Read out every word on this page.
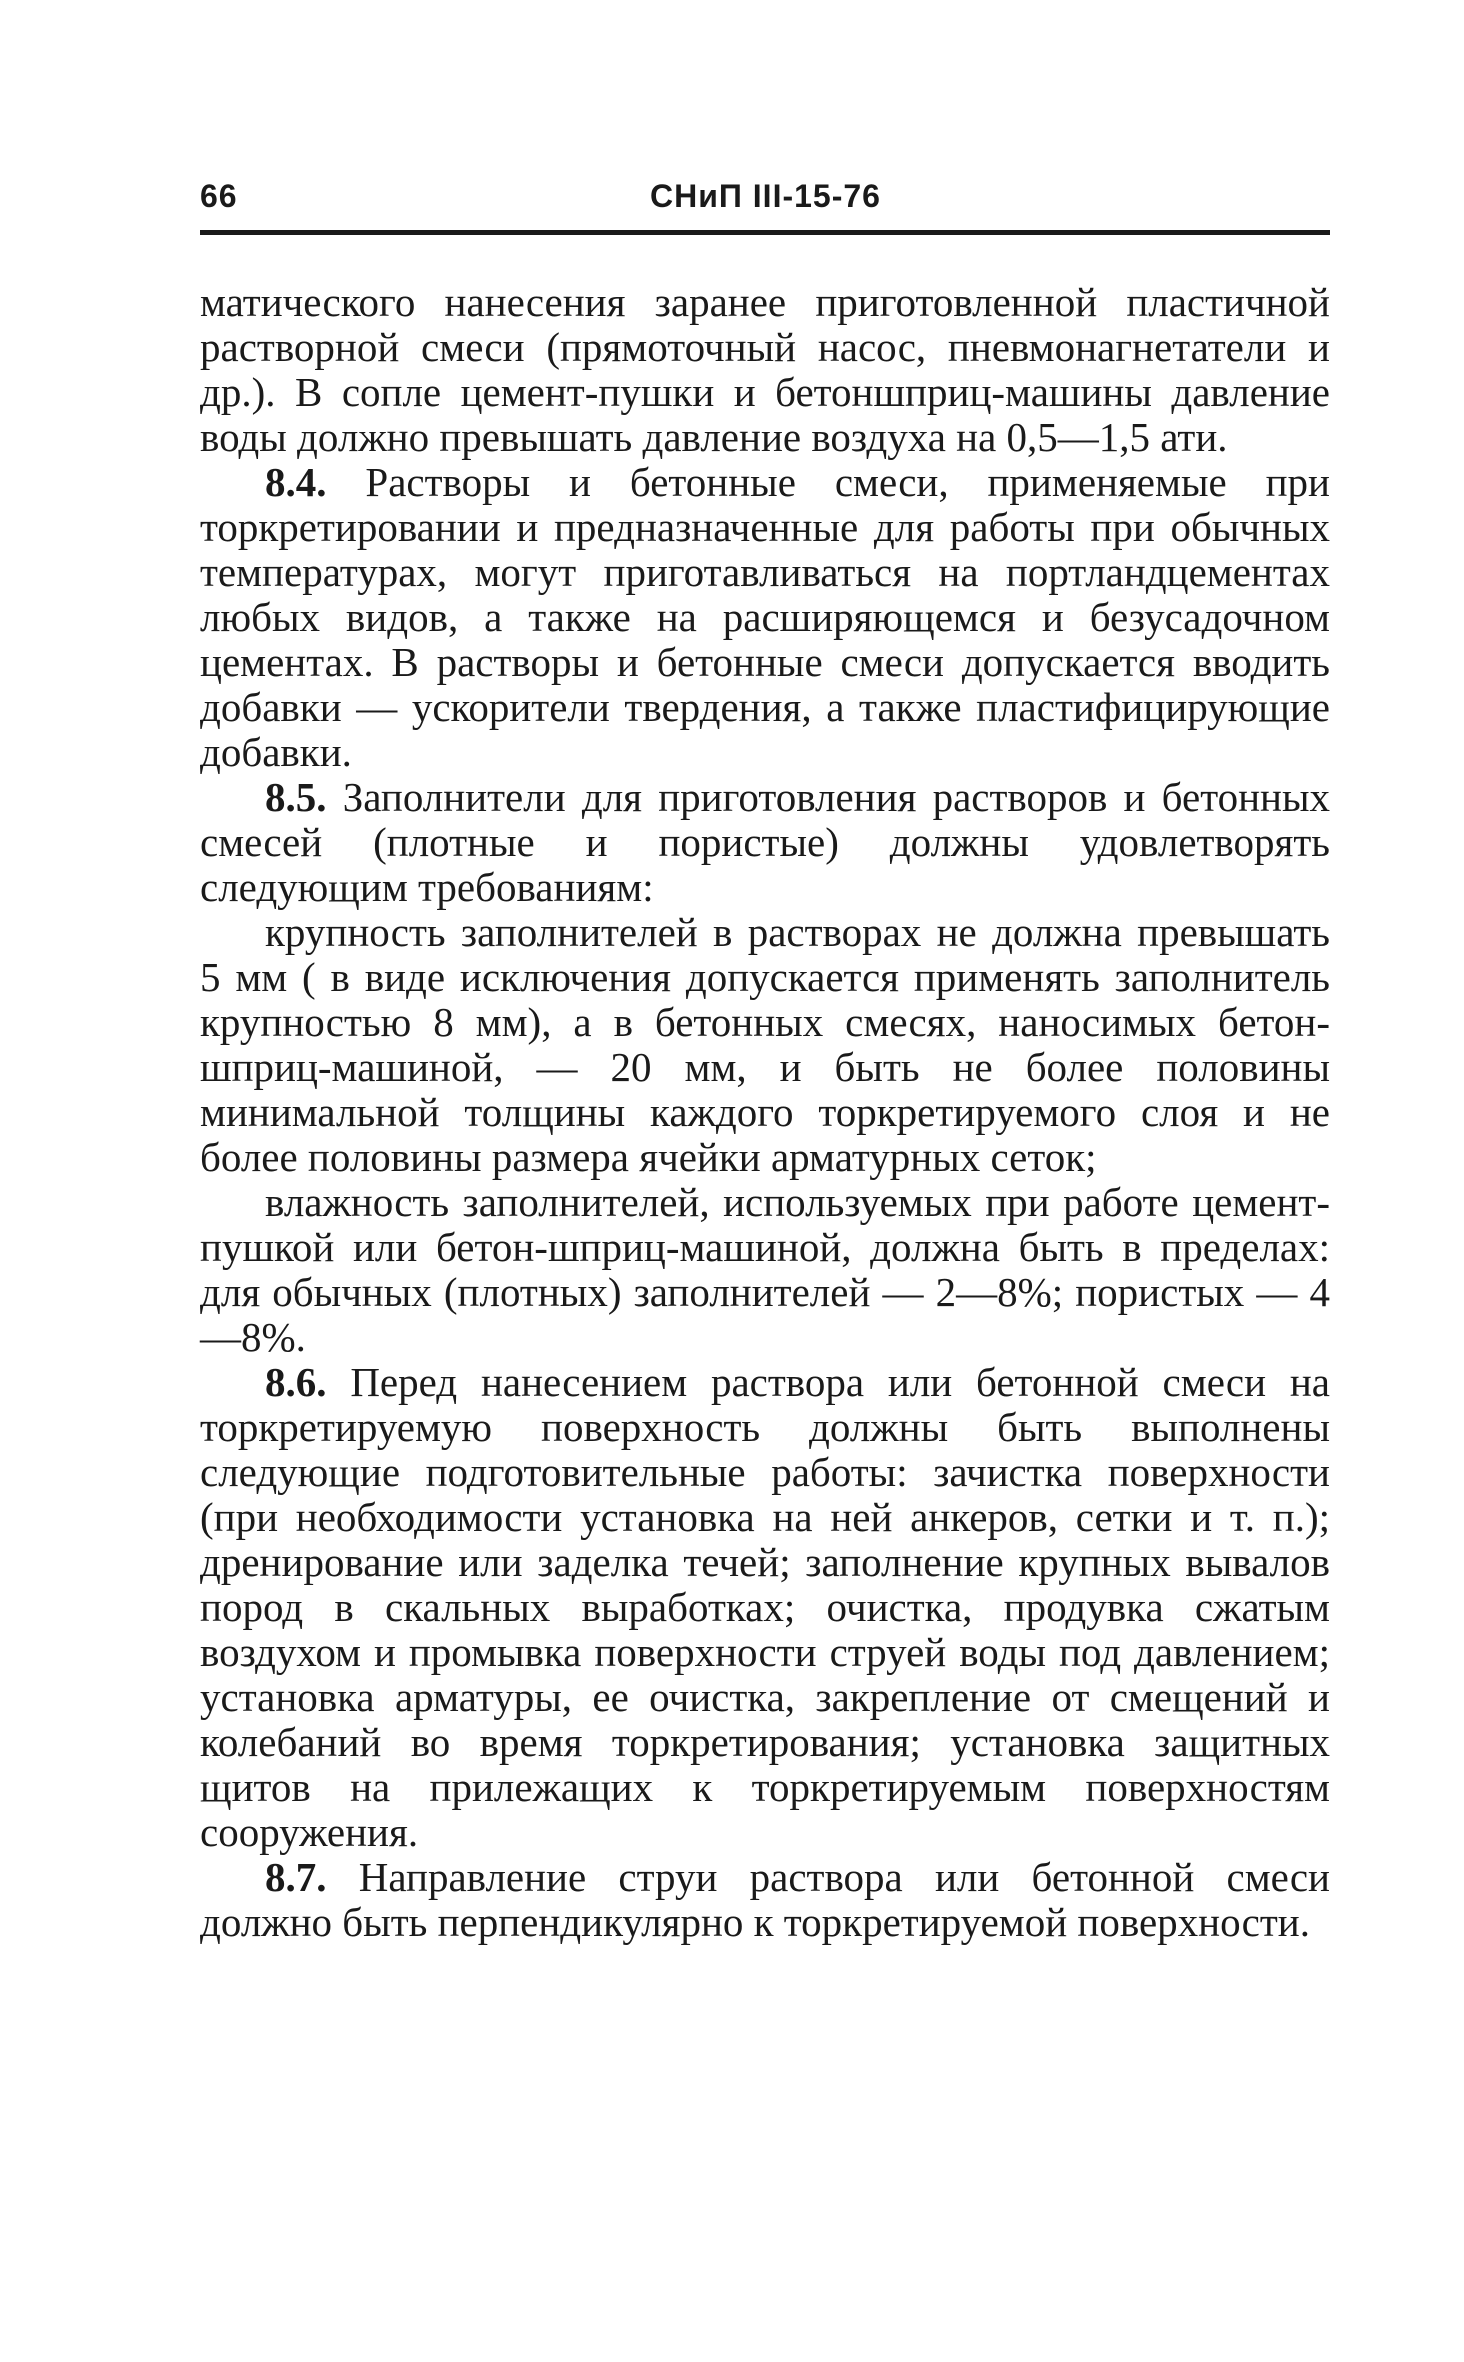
66	СНиП III-15-76

матического нанесения заранее приготовленной пластичной растворной смеси (прямоточный насос, пневмонагнетатели и др.). В сопле цемент-пушки и бетоншприц-машины давление воды должно превышать давление воздуха на 0,5—1,5 ати.

8.4. Растворы и бетонные смеси, применяемые при торкретировании и предназначенные для работы при обычных температурах, могут приготавливаться на портландцементах любых видов, а также на расширяющемся и безусадочном цементах. В растворы и бетонные смеси допускается вводить добавки — ускорители твердения, а также пластифицирующие добавки.

8.5. Заполнители для приготовления растворов и бетонных смесей (плотные и пористые) должны удовлетворять следующим требованиям:

крупность заполнителей в растворах не должна превышать 5 мм ( в виде исключения допускается применять заполнитель крупностью 8 мм), а в бетонных смесях, наносимых бетон-шприц-машиной, — 20 мм, и быть не более половины минимальной толщины каждого торкретируемого слоя и не более половины размера ячейки арматурных сеток;

влажность заполнителей, используемых при работе цемент-пушкой или бетон-шприц-машиной, должна быть в пределах: для обычных (плотных) заполнителей — 2—8%; пористых — 4—8%.

8.6. Перед нанесением раствора или бетонной смеси на торкретируемую поверхность должны быть выполнены следующие подготовительные работы: зачистка поверхности (при необходимости установка на ней анкеров, сетки и т. п.); дренирование или заделка течей; заполнение крупных вывалов пород в скальных выработках; очистка, продувка сжатым воздухом и промывка поверхности струей воды под давлением; установка арматуры, ее очистка, закрепление от смещений и колебаний во время торкретирования; установка защитных щитов на прилежащих к торкретируемым поверхностям сооружения.

8.7. Направление струи раствора или бетонной смеси должно быть перпендикулярно к торкретируемой поверхности.
